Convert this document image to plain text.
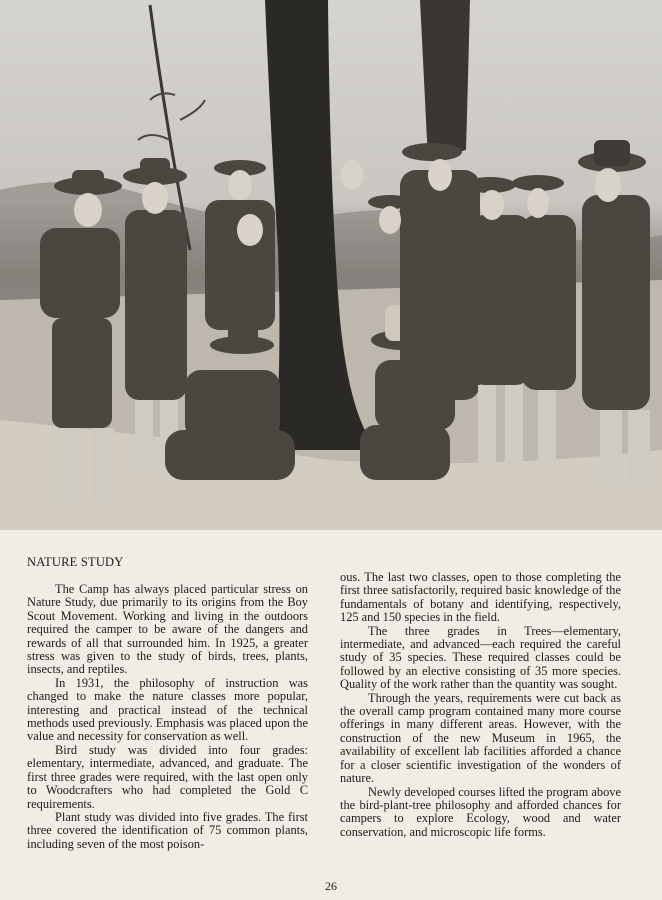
NATURE STUDY

The Camp has always placed particular stress on Nature Study, due primarily to its origins from the Boy Scout Movement. Working and living in the outdoors required the camper to be aware of the dangers and rewards of all that surrounded him. In 1925, a greater stress was given to the study of birds, trees, plants, insects, and reptiles.

In 1931, the philosophy of instruction was changed to make the nature classes more popular, interesting and practical instead of the technical methods used previously. Emphasis was placed upon the value and necessity for conservation as well.

Bird study was divided into four grades: elementary, intermediate, advanced, and graduate. The first three grades were required, with the last open only to Woodcrafters who had completed the Gold C requirements.

Plant study was divided into five grades. The first three covered the identification of 75 common plants, including seven of the most poison-

ous. The last two classes, open to those completing the first three satisfactorily, required basic knowledge of the fundamentals of botany and identifying, respectively, 125 and 150 species in the field.

The three grades in Trees—elementary, intermediate, and advanced—each required the careful study of 35 species. These required classes could be followed by an elective consisting of 35 more species. Quality of the work rather than the quantity was sought.

Through the years, requirements were cut back as the overall camp program contained many more course offerings in many different areas. However, with the construction of the new Museum in 1965, the availability of excellent lab facilities afforded a chance for a closer scientific investigation of the wonders of nature.

Newly developed courses lifted the program above the bird-plant-tree philosophy and afforded chances for campers to explore Ecology, wood and water conservation, and microscopic life forms.

26
